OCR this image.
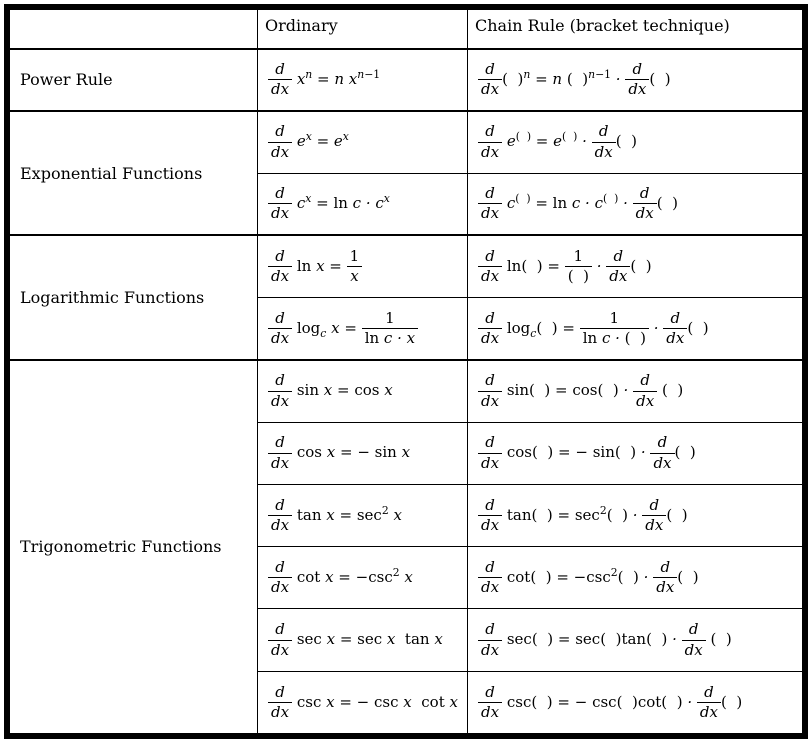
	Ordinary	Chain Rule (bracket technique)
Power Rule	$\frac{d}{dx} x^n = n$ $x^{n-1}$	$\frac{d}{dx}$ ( )$^n$ = n ( )$^{n-1} \cdot \frac{d}{dx}$ ( )
Exponential Functions	
$\frac{d}{dx} e^x = e^x$	$\frac{d}{dx} e^{( )} = e^{( )} \cdot \frac{d}{dx}$ ( )

$\frac{d}{dx} c^x = \ln c \cdot c^x$	$\frac{d}{dx} c^{( )} = \ln c \cdot c^{( )} \cdot \frac{d}{dx}$ ( )
Logarithmic Functions	
$\frac{d}{dx}$ $\ln x = \frac{1}{x}$	$\frac{d}{dx} \ln$( ) = $\frac{1}{( )} \cdot \frac{d}{dx}$ ( )

$\frac{d}{dx} \log_c x = \frac{1}{\text{ln c · x}}$	$\frac{d}{dx} \log_c$( ) = $\frac{1}{\text{ln c · ( )}} \cdot \frac{d}{dx}$ ( )
Trigonometric Functions	
$\frac{d}{dx}$ sin x = cos x	$\frac{d}{dx} \sin$( ) = cos( ) · $\frac{d}{dx}$ ( )

$\frac{d}{dx}$ cos x = − sin x	$\frac{d}{dx} \cos$( ) = − sin( ) · $\frac{d}{dx}$ ( )

$\frac{d}{dx}$ $\tan x = \sec^2 x$	$\frac{d}{dx} \tan$( ) = $\sec^2$( ) · $\frac{d}{dx}$ ( )

$\frac{d}{dx}$ $\cot x = -\csc^2$ x	$\frac{d}{dx} \cot$( ) = $-\csc^2$( ) · $\frac{d}{dx}$ ( )

$\frac{d}{dx}$ sec x = sec x  tan x	$\frac{d}{dx} \sec$( ) = sec( )tan( ) · $\frac{d}{dx}$ ( )

$\frac{d}{dx}$ csc x = − csc x  cot x	$\frac{d}{dx} \csc$( ) = − csc( )cot( ) · $\frac{d}{dx}$ ( )
